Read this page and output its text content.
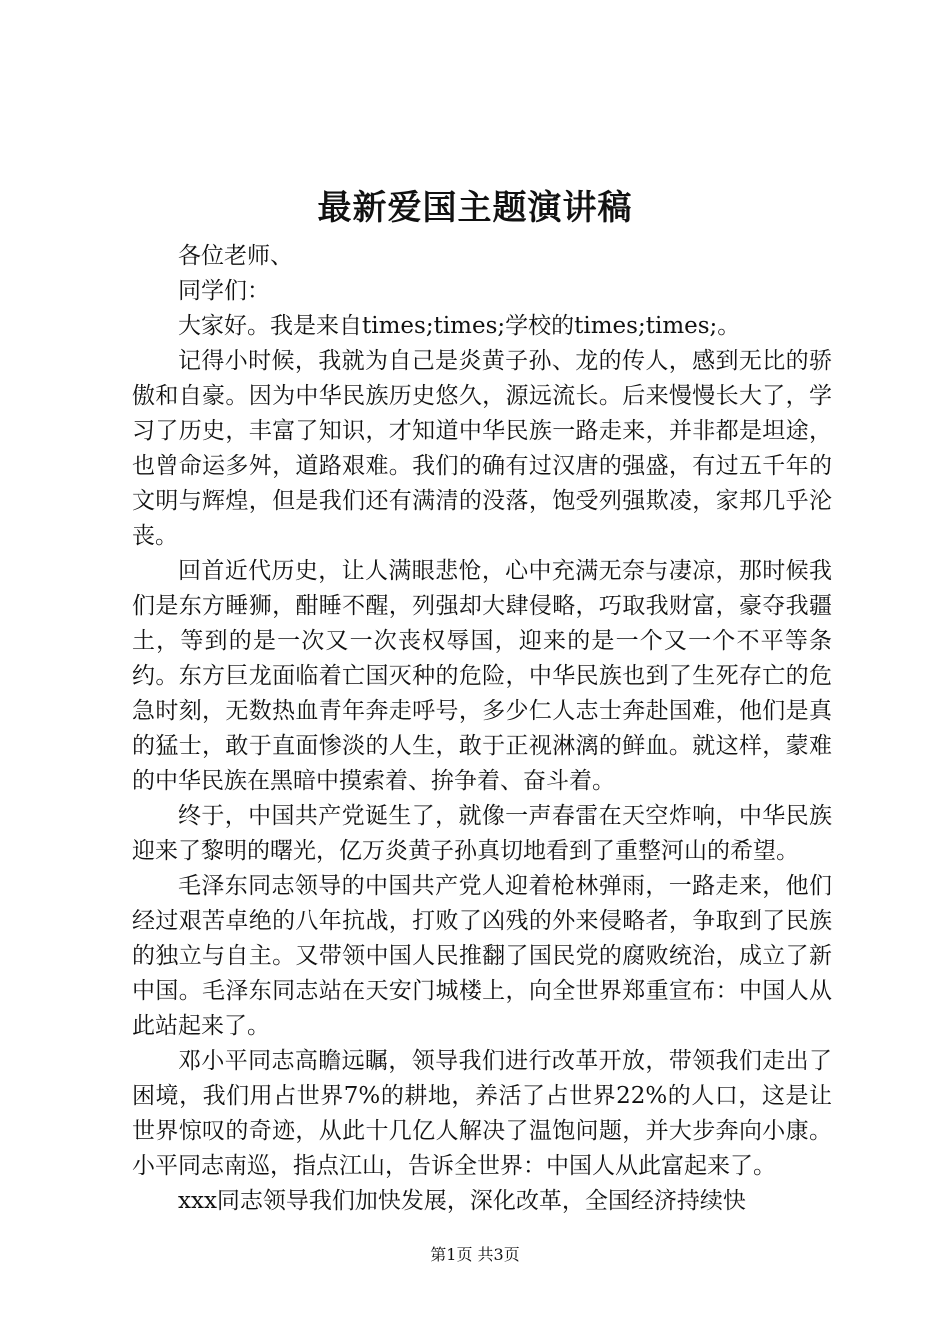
最新爱国主题演讲稿

各位老师、

同学们：

大家好。我是来自times;times;学校的times;times;。

记得小时候，我就为自己是炎黄子孙、龙的传人，感到无比的骄傲和自豪。因为中华民族历史悠久，源远流长。后来慢慢长大了，学习了历史，丰富了知识，才知道中华民族一路走来，并非都是坦途，也曾命运多舛，道路艰难。我们的确有过汉唐的强盛，有过五千年的文明与辉煌，但是我们还有满清的没落，饱受列强欺凌，家邦几乎沦丧。

回首近代历史，让人满眼悲怆，心中充满无奈与凄凉，那时候我们是东方睡狮，酣睡不醒，列强却大肆侵略，巧取我财富，豪夺我疆土，等到的是一次又一次丧权辱国，迎来的是一个又一个不平等条约。东方巨龙面临着亡国灭种的危险，中华民族也到了生死存亡的危急时刻，无数热血青年奔走呼号，多少仁人志士奔赴国难，他们是真的猛士，敢于直面惨淡的人生，敢于正视淋漓的鲜血。就这样，蒙难的中华民族在黑暗中摸索着、拚争着、奋斗着。

终于，中国共产党诞生了，就像一声春雷在天空炸响，中华民族迎来了黎明的曙光，亿万炎黄子孙真切地看到了重整河山的希望。

毛泽东同志领导的中国共产党人迎着枪林弹雨，一路走来，他们经过艰苦卓绝的八年抗战，打败了凶残的外来侵略者，争取到了民族的独立与自主。又带领中国人民推翻了国民党的腐败统治，成立了新中国。毛泽东同志站在天安门城楼上，向全世界郑重宣布：中国人从此站起来了。

邓小平同志高瞻远瞩，领导我们进行改革开放，带领我们走出了困境，我们用占世界7%的耕地，养活了占世界22%的人口，这是让世界惊叹的奇迹，从此十几亿人解决了温饱问题，并大步奔向小康。小平同志南巡，指点江山，告诉全世界：中国人从此富起来了。

xxx同志领导我们加快发展，深化改革，全国经济持续快

第1页 共3页
